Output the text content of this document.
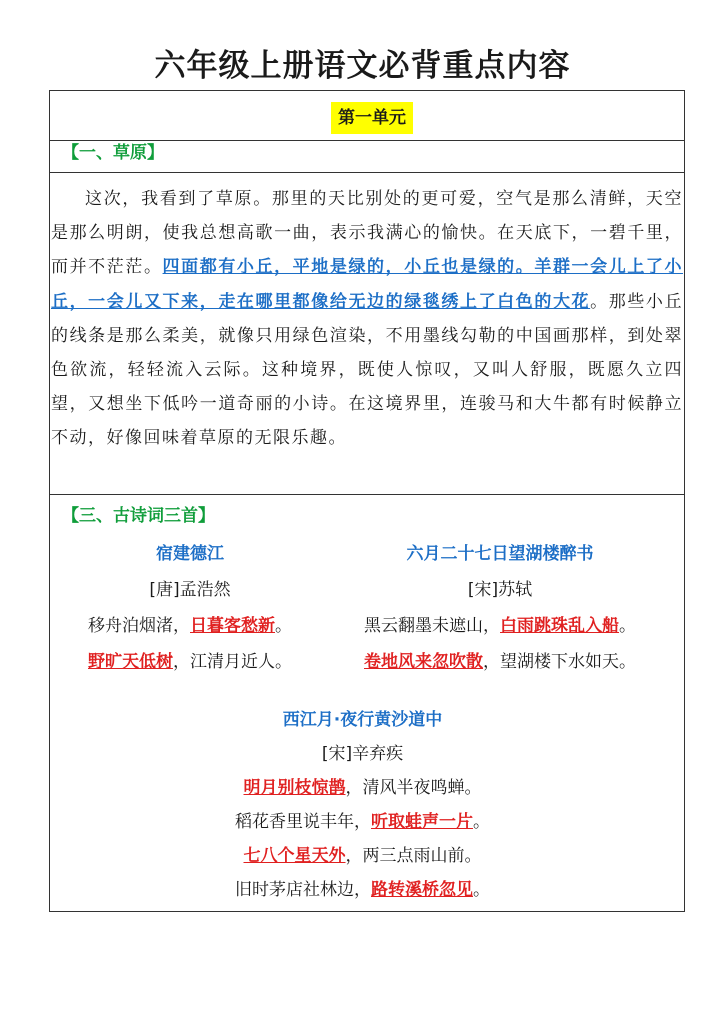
六年级上册语文必背重点内容
第一单元
【一、草原】
这次，我看到了草原。那里的天比别处的更可爱，空气是那么清鲜，天空是那么明朗，使我总想高歌一曲，表示我满心的愉快。在天底下，一碧千里，而并不茫茫。四面都有小丘，平地是绿的，小丘也是绿的。羊群一会儿上了小丘，一会儿又下来，走在哪里都像给无边的绿毯绣上了白色的大花。那些小丘的线条是那么柔美，就像只用绿色渲染，不用墨线勾勒的中国画那样，到处翠色欲流，轻轻流入云际。这种境界，既使人惊叹，又叫人舒服，既愿久立四望，又想坐下低吟一道奇丽的小诗。在这境界里，连骏马和大牛都有时候静立不动，好像回味着草原的无限乐趣。
【三、古诗词三首】
宿建德江
[唐]孟浩然
移舟泊烟渚，日暮客愁新。
野旷天低树，江清月近人。
六月二十七日望湖楼醉书
[宋]苏轼
黑云翻墨未遮山，白雨跳珠乱入船。
卷地风来忽吹散，望湖楼下水如天。
西江月·夜行黄沙道中
[宋]辛弃疾
明月别枝惊鹊，清风半夜鸣蝉。
稻花香里说丰年，听取蛙声一片。
七八个星天外，两三点雨山前。
旧时茅店社林边，路转溪桥忽见。
